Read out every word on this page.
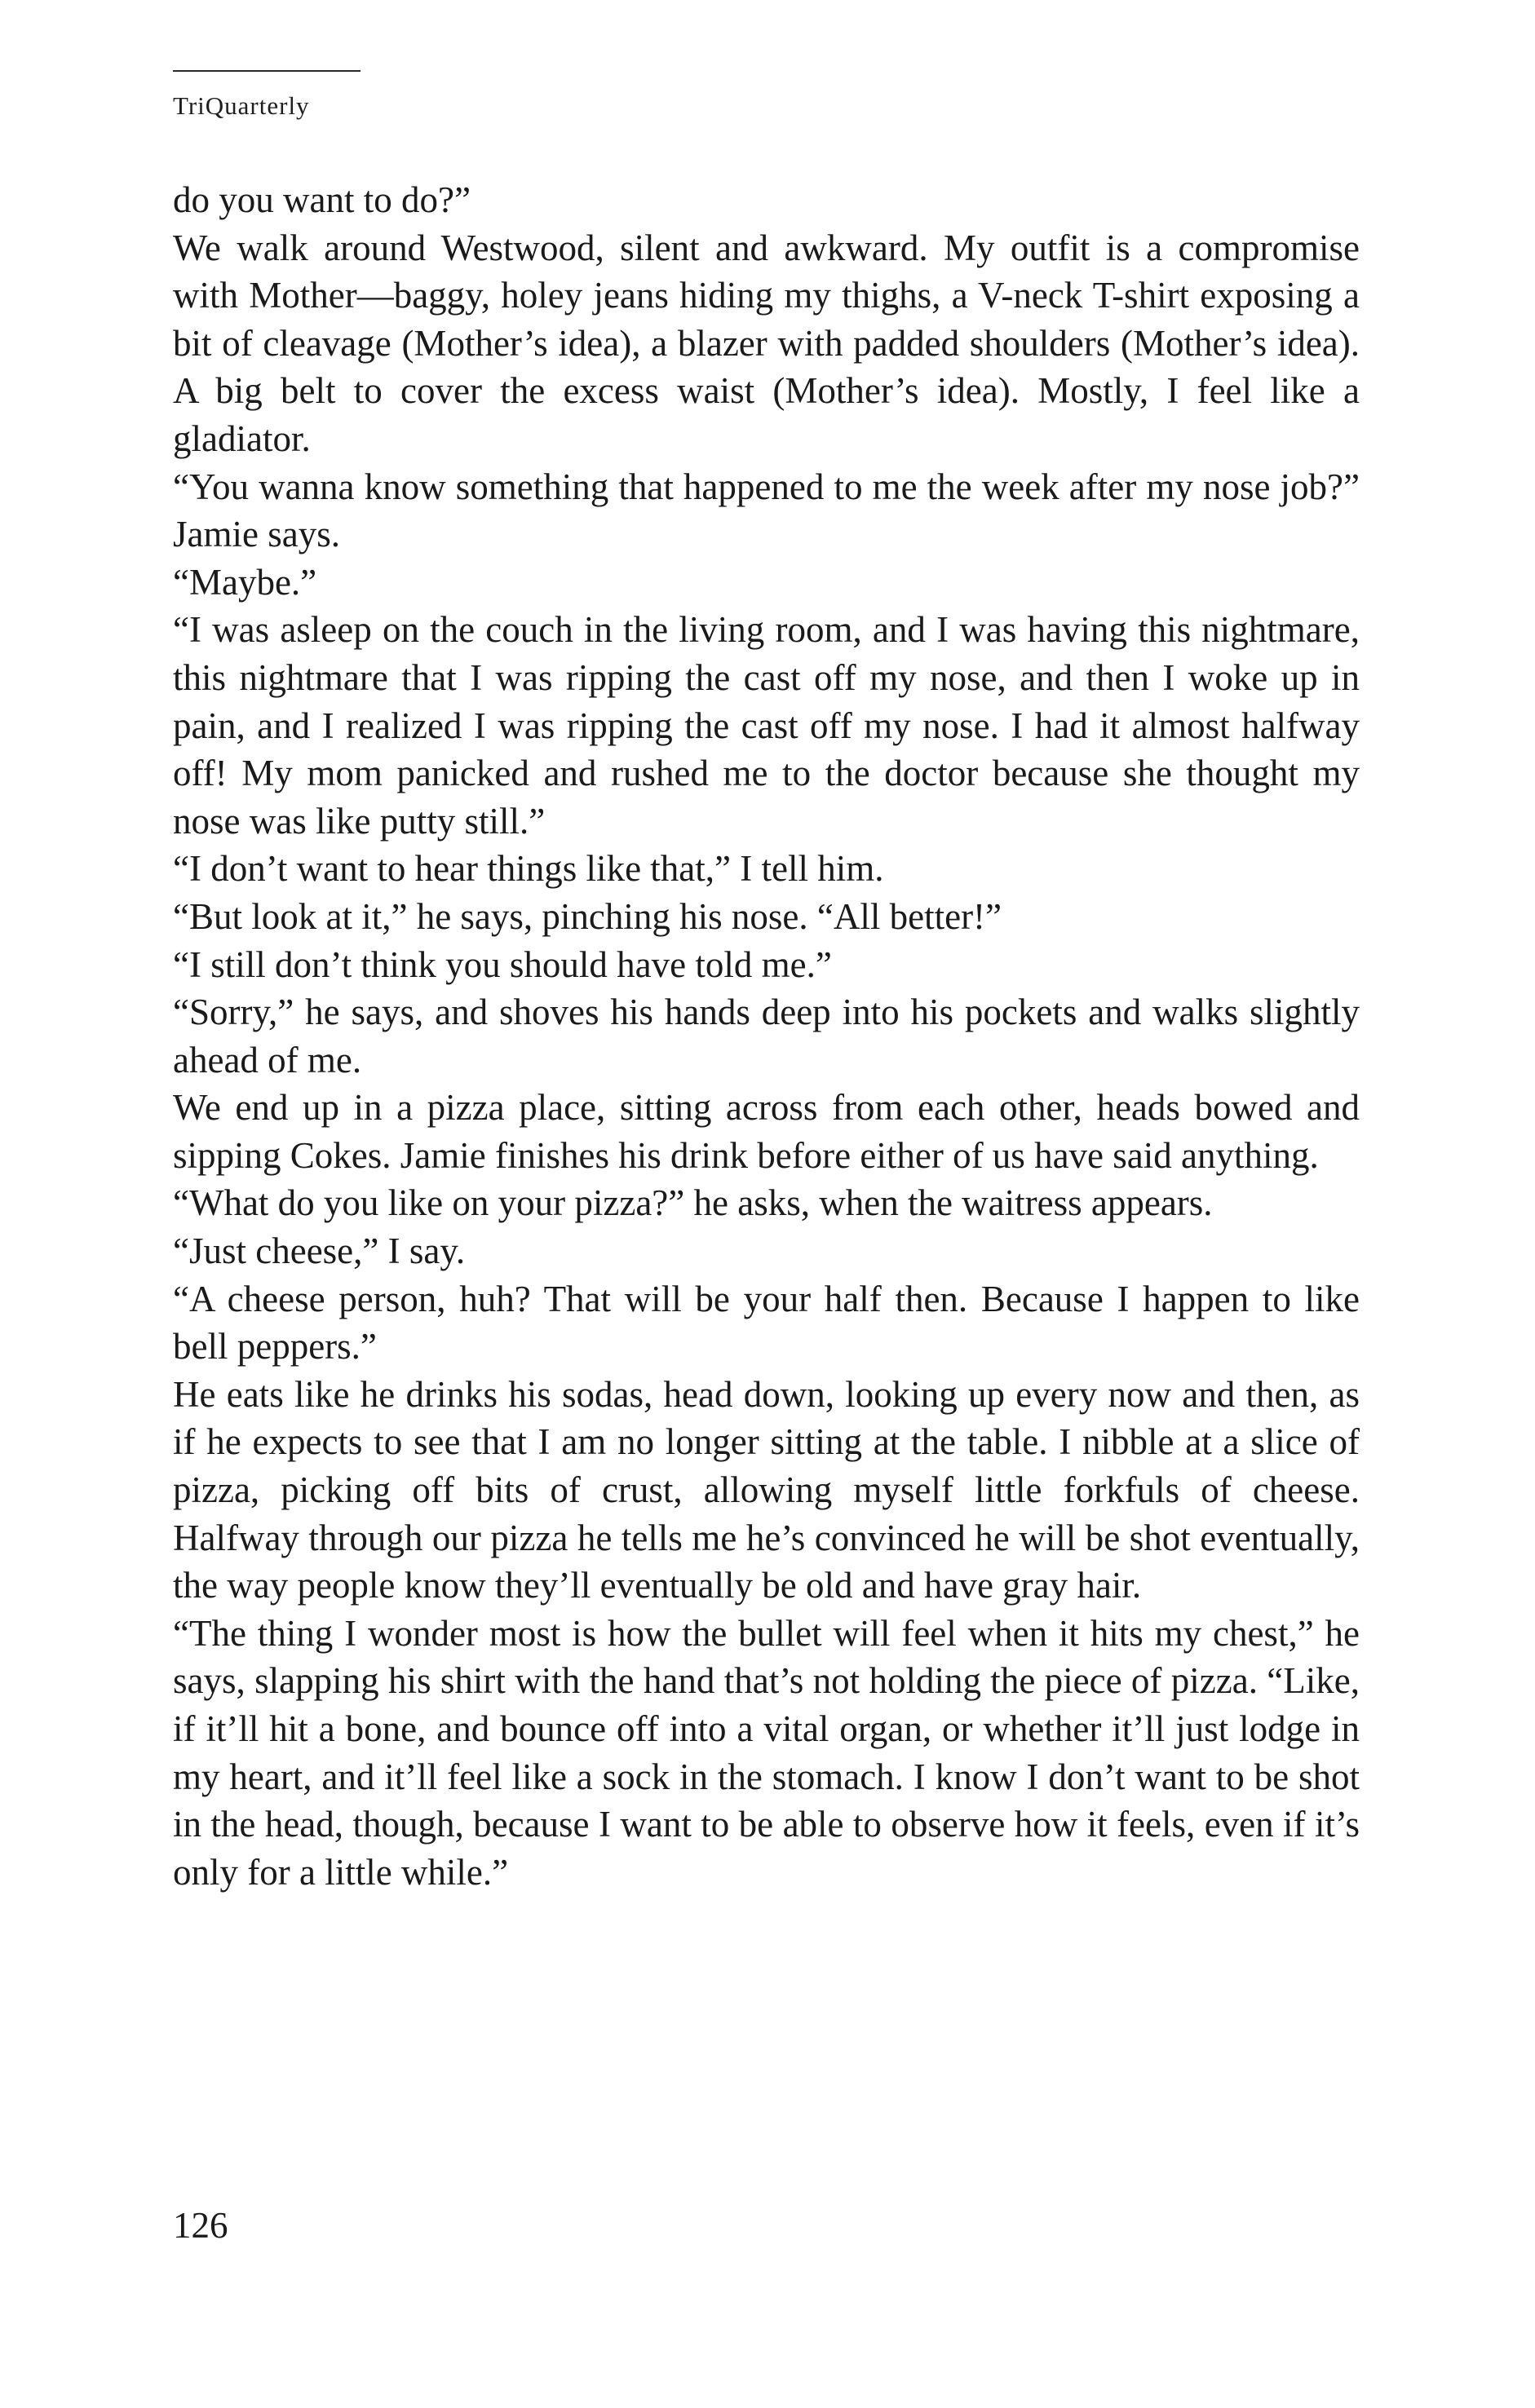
TriQuarterly

do you want to do?”

We walk around Westwood, silent and awkward. My outfit is a compromise with Mother—baggy, holey jeans hiding my thighs, a V-neck T-shirt exposing a bit of cleavage (Mother’s idea), a blazer with padded shoulders (Mother’s idea). A big belt to cover the excess waist (Mother’s idea). Mostly, I feel like a gladiator.

“You wanna know something that happened to me the week after my nose job?” Jamie says.

“Maybe.”

“I was asleep on the couch in the living room, and I was having this nightmare, this nightmare that I was ripping the cast off my nose, and then I woke up in pain, and I realized I was ripping the cast off my nose. I had it almost halfway off! My mom panicked and rushed me to the doctor because she thought my nose was like putty still.”

“I don’t want to hear things like that,” I tell him.

“But look at it,” he says, pinching his nose. “All better!”

“I still don’t think you should have told me.”

“Sorry,” he says, and shoves his hands deep into his pockets and walks slightly ahead of me.

We end up in a pizza place, sitting across from each other, heads bowed and sipping Cokes. Jamie finishes his drink before either of us have said anything.

“What do you like on your pizza?” he asks, when the waitress appears.

“Just cheese,” I say.

“A cheese person, huh? That will be your half then. Because I happen to like bell peppers.”

He eats like he drinks his sodas, head down, looking up every now and then, as if he expects to see that I am no longer sitting at the table. I nibble at a slice of pizza, picking off bits of crust, allowing myself little forkfuls of cheese. Halfway through our pizza he tells me he’s convinced he will be shot eventually, the way people know they’ll eventually be old and have gray hair.

“The thing I wonder most is how the bullet will feel when it hits my chest,” he says, slapping his shirt with the hand that’s not holding the piece of pizza. “Like, if it’ll hit a bone, and bounce off into a vital organ, or whether it’ll just lodge in my heart, and it’ll feel like a sock in the stomach. I know I don’t want to be shot in the head, though, because I want to be able to observe how it feels, even if it’s only for a little while.”

126
